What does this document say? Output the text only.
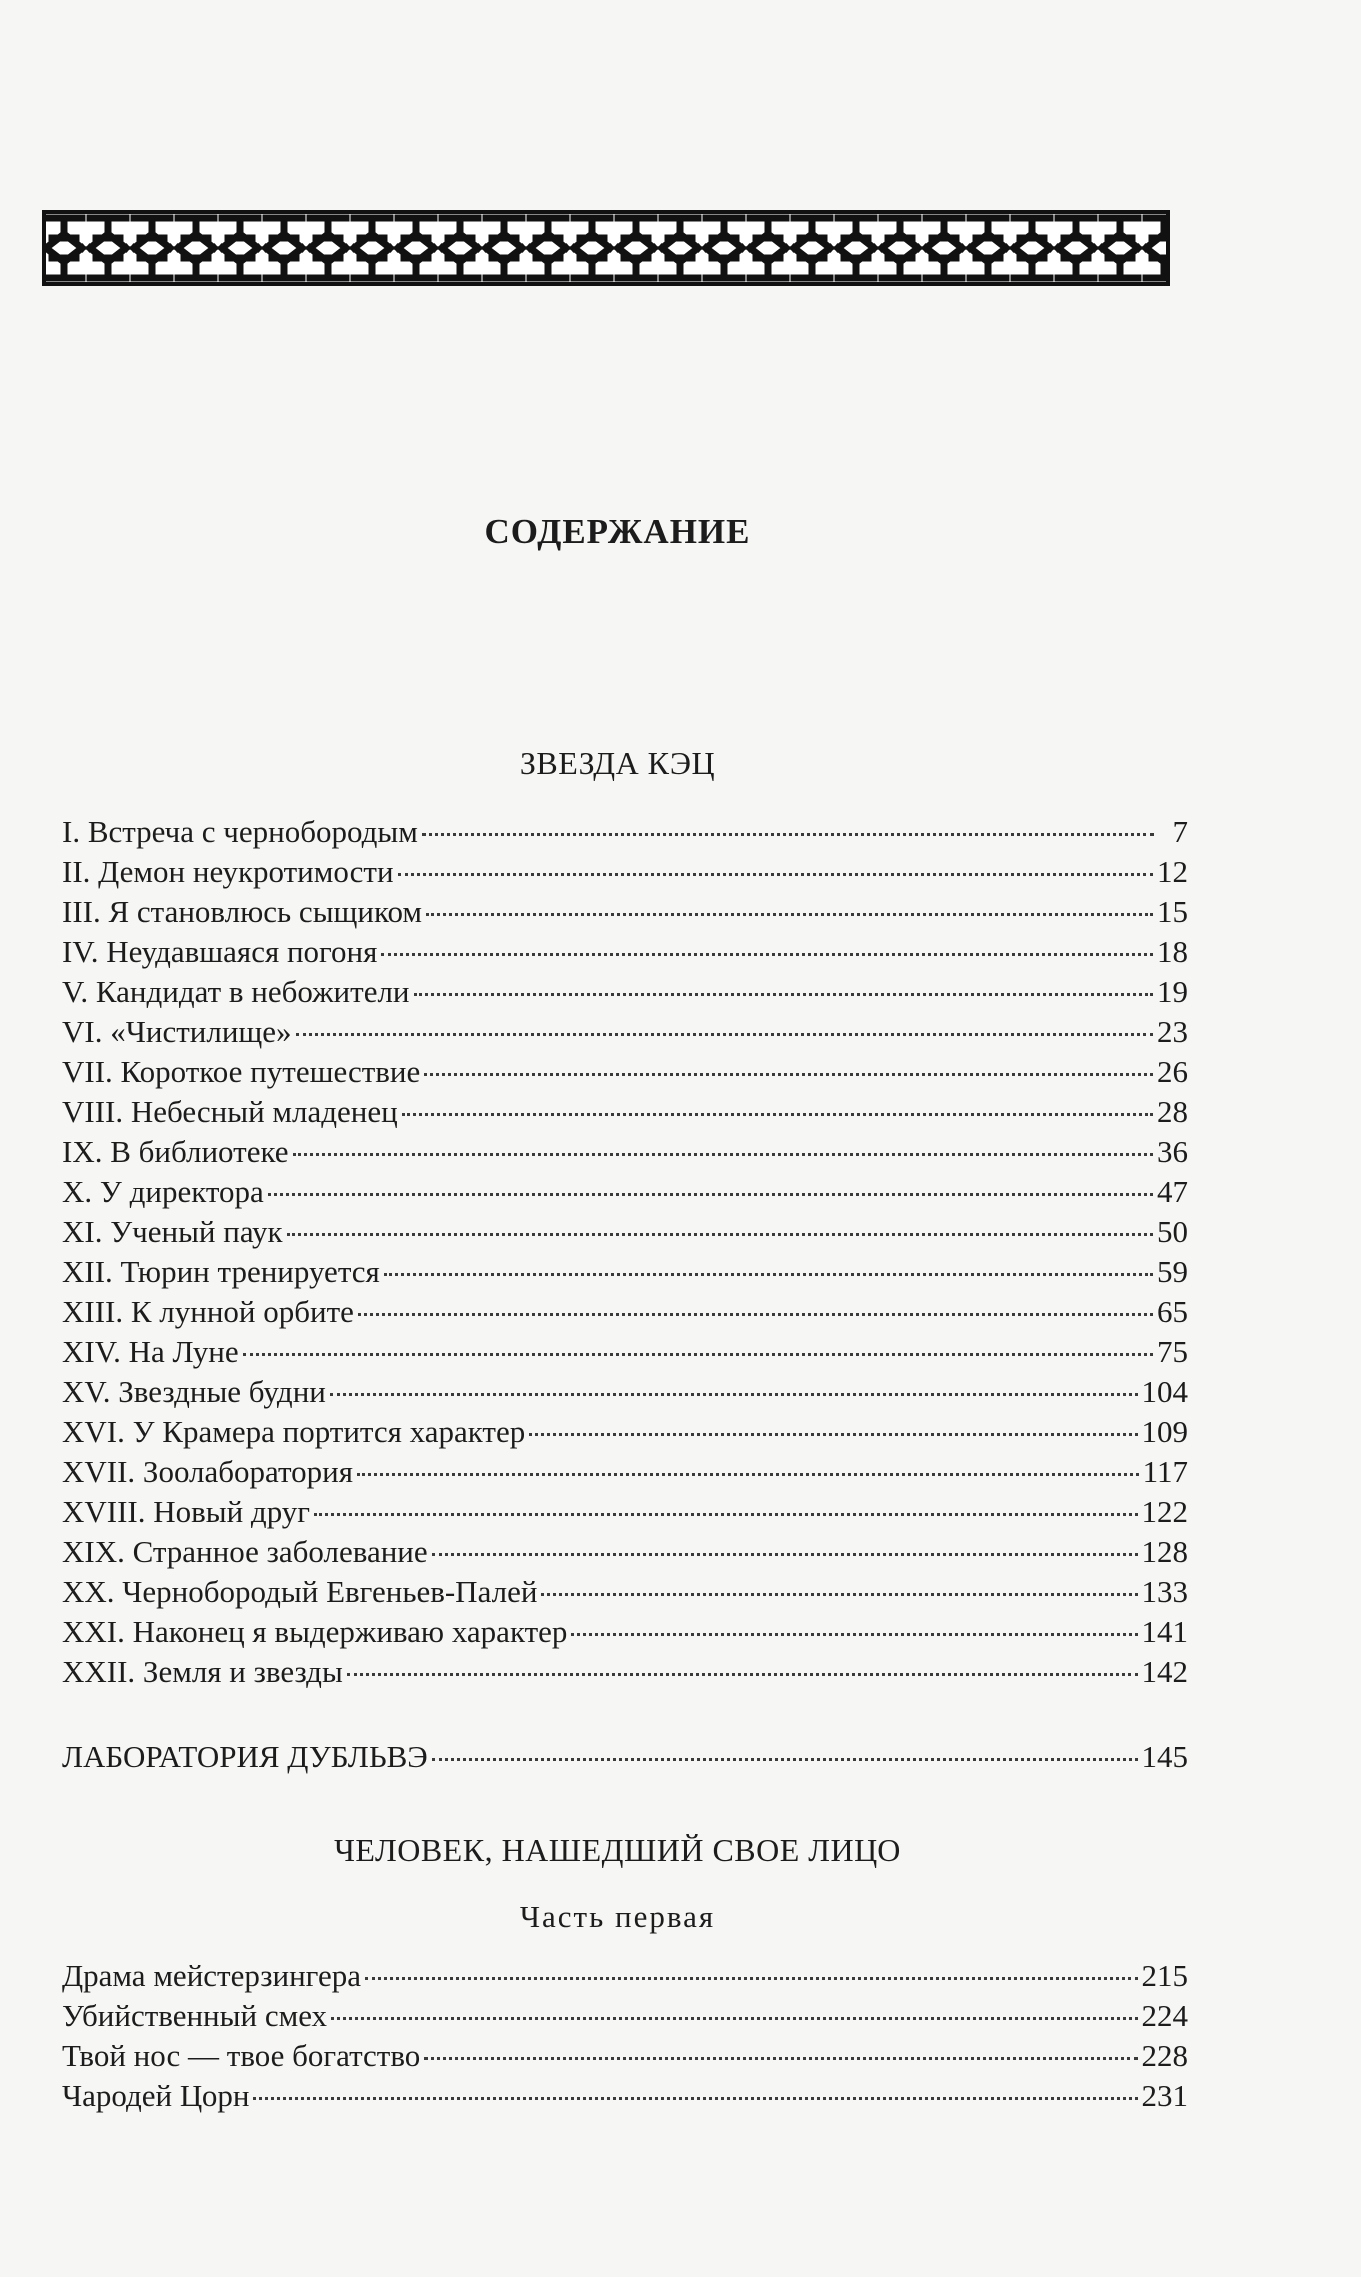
СОДЕРЖАНИЕ
ЗВЕЗДА КЭЦ
I. Встреча с чернобородым	7
II. Демон неукротимости	12
III. Я становлюсь сыщиком	15
IV. Неудавшаяся погоня	18
V. Кандидат в небожители	19
VI. «Чистилище»	23
VII. Короткое путешествие	26
VIII. Небесный младенец	28
IX. В библиотеке	36
X. У директора	47
XI. Ученый паук	50
XII. Тюрин тренируется	59
XIII. К лунной орбите	65
XIV. На Луне	75
XV. Звездные будни	104
XVI. У Крамера портится характер	109
XVII. Зоолаборатория	117
XVIII. Новый друг	122
XIX. Странное заболевание	128
XX. Чернобородый Евгеньев-Палей	133
XXI. Наконец я выдерживаю характер	141
XXII. Земля и звезды	142
ЛАБОРАТОРИЯ ДУБЛЬВЭ	145
ЧЕЛОВЕК, НАШЕДШИЙ СВОЕ ЛИЦО
Часть первая
Драма мейстерзингера	215
Убийственный смех	224
Твой нос — твое богатство	228
Чародей Цорн	231
